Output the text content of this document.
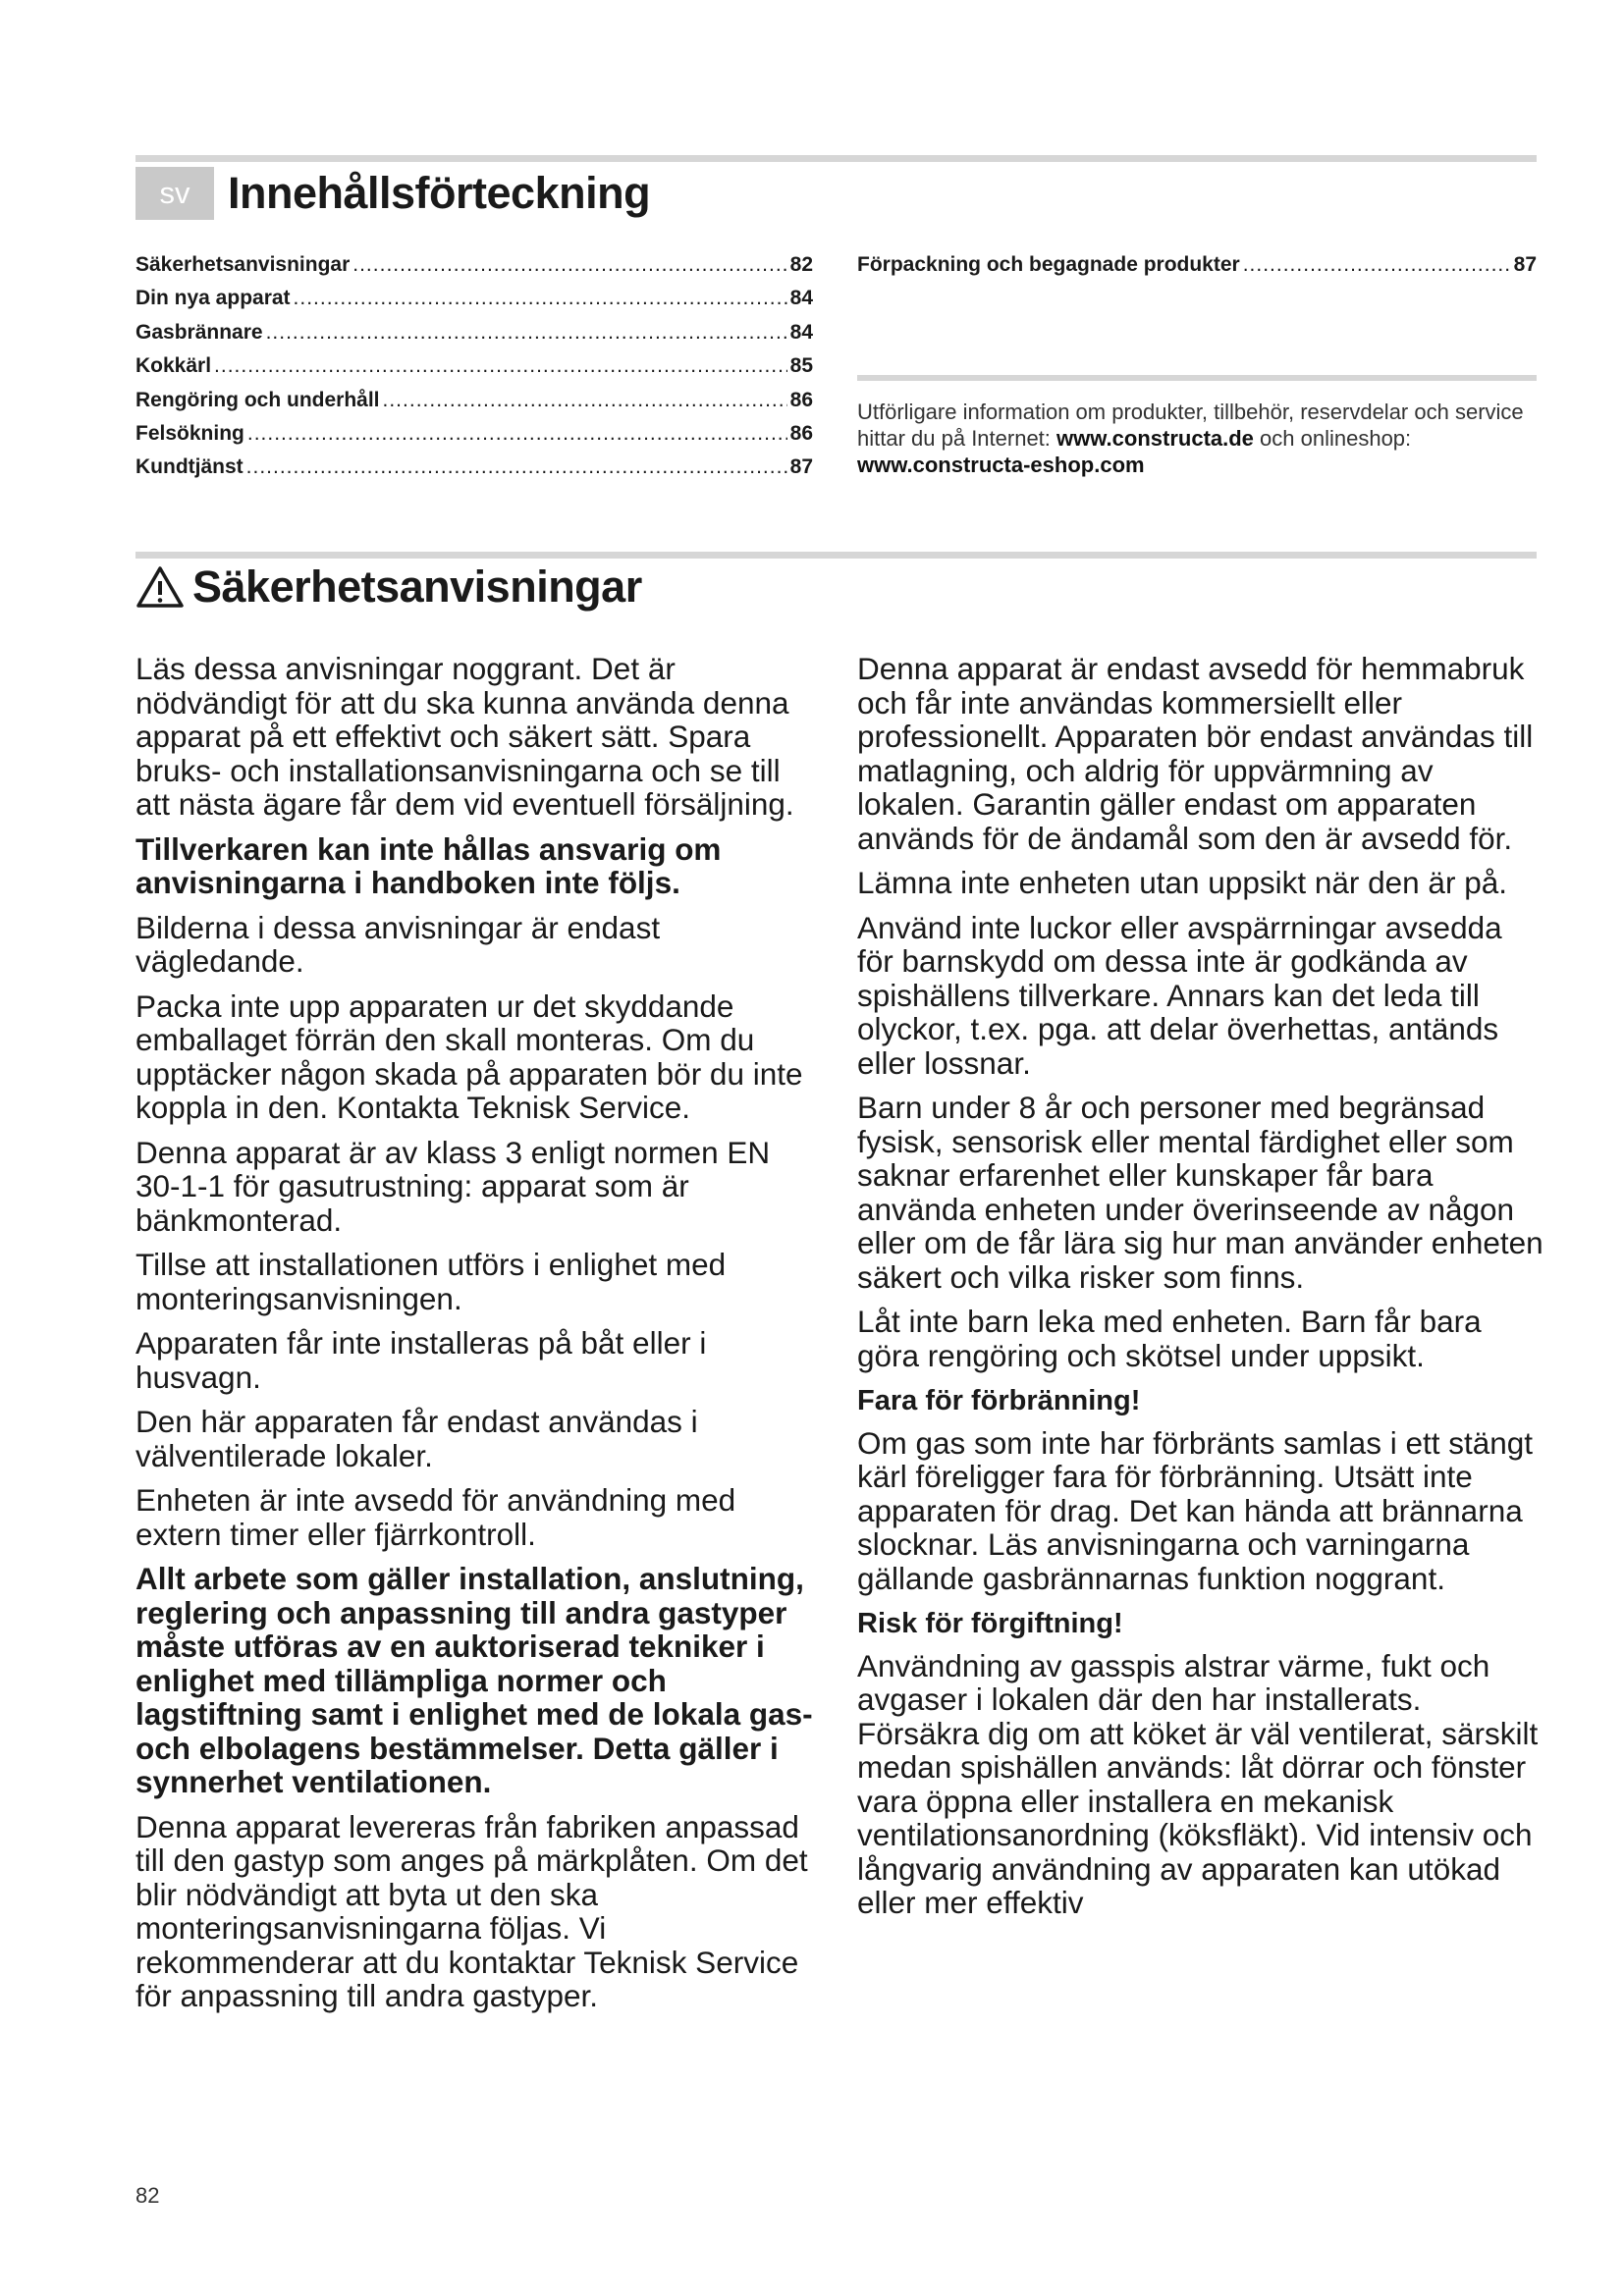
sv Innehållsförteckning
Säkerhetsanvisningar .....	82
Din nya apparat .....	84
Gasbrännare .....	84
Kokkärl .....	85
Rengöring och underhåll .....	86
Felsökning .....	86
Kundtjänst .....	87
Förpackning och begagnade produkter .....	87
Utförligare information om produkter, tillbehör, reservdelar och service hittar du på Internet: www.constructa.de och onlineshop: www.constructa-eshop.com
Säkerhetsanvisningar

Läs dessa anvisningar noggrant. Det är nödvändigt för att du ska kunna använda denna apparat på ett effektivt och säkert sätt. Spara bruks- och installationsanvisningarna och se till att nästa ägare får dem vid eventuell försäljning.

Tillverkaren kan inte hållas ansvarig om anvisningarna i handboken inte följs.

Bilderna i dessa anvisningar är endast vägledande.

Packa inte upp apparaten ur det skyddande emballaget förrän den skall monteras. Om du upptäcker någon skada på apparaten bör du inte koppla in den. Kontakta Teknisk Service.

Denna apparat är av klass 3 enligt normen EN 30-1-1 för gasutrustning: apparat som är bänkmonterad.

Tillse att installationen utförs i enlighet med monteringsanvisningen.

Apparaten får inte installeras på båt eller i husvagn.

Den här apparaten får endast användas i välventilerade lokaler.

Enheten är inte avsedd för användning med extern timer eller fjärrkontroll.

Allt arbete som gäller installation, anslutning, reglering och anpassning till andra gastyper måste utföras av en auktoriserad tekniker i enlighet med tillämpliga normer och lagstiftning samt i enlighet med de lokala gas- och elbolagens bestämmelser. Detta gäller i synnerhet ventilationen.

Denna apparat levereras från fabriken anpassad till den gastyp som anges på märkplåten. Om det blir nödvändigt att byta ut den ska monteringsanvisningarna följas. Vi rekommenderar att du kontaktar Teknisk Service för anpassning till andra gastyper.

Denna apparat är endast avsedd för hemmabruk och får inte användas kommersiellt eller professionellt. Apparaten bör endast användas till matlagning, och aldrig för uppvärmning av lokalen. Garantin gäller endast om apparaten används för de ändamål som den är avsedd för.

Lämna inte enheten utan uppsikt när den är på.

Använd inte luckor eller avspärrningar avsedda för barnskydd om dessa inte är godkända av spishällens tillverkare. Annars kan det leda till olyckor, t.ex. pga. att delar överhettas, antänds eller lossnar.

Barn under 8 år och personer med begränsad fysisk, sensorisk eller mental färdighet eller som saknar erfarenhet eller kunskaper får bara använda enheten under överinseende av någon eller om de får lära sig hur man använder enheten säkert och vilka risker som finns.

Låt inte barn leka med enheten. Barn får bara göra rengöring och skötsel under uppsikt.

Fara för förbränning!

Om gas som inte har förbränts samlas i ett stängt kärl föreligger fara för förbränning. Utsätt inte apparaten för drag. Det kan hända att brännarna slocknar. Läs anvisningarna och varningarna gällande gasbrännarnas funktion noggrant.

Risk för förgiftning!

Användning av gasspis alstrar värme, fukt och avgaser i lokalen där den har installerats. Försäkra dig om att köket är väl ventilerat, särskilt medan spishällen används: låt dörrar och fönster vara öppna eller installera en mekanisk ventilationsanordning (köksfläkt). Vid intensiv och långvarig användning av apparaten kan utökad eller mer effektiv

82
